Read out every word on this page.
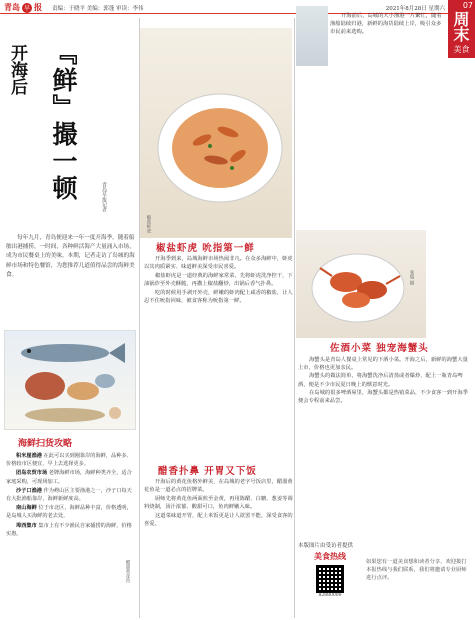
青岛 早 报 责编：于晓平 美编：郭蓬 审读：李伟	2021年8月28日 星期六 07
周末
美食
开海后 『鲜』撮一顿	青岛早报记者
每年九月，青岛便迎来一年一度开海季，随着船舶出港捕捞，一时间，各种鲜活海产大量涌入市场，成为市民餐桌上的美味。本期，记者走访了岛城的海鲜市场和特色餐馆，为您推荐几道值得品尝的海鲜美食。
海鲜扫货攻略
积米崖渔港 在此可以买到刚靠岸的海鲜，品种多、价格较市区便宜，早上去选择更多。
团岛农贸市场 老牌海鲜市场，海鲜种类齐全，适合家庭采购，可现场加工。
沙子口渔港 作为崂山区主要渔港之一，沙子口每天有大批渔船靠岸，海鲜新鲜度高。
南山海鲜 位于市北区，海鲜品种丰富，价格透明，是岛城人买海鲜的老去处。
埠西集市 集市上有不少渔民自家捕捞的海鲜，价格实惠。
椒盐虾虎
椒盐虾虎 吮指第一鲜

开海季到来，岛城海鲜市场热闹非凡。在众多海鲜中，虾虎以其肉质紧实、味道鲜美深受市民喜爱。

椒盐虾虎是一道经典的海鲜家常菜，先将虾虎洗净控干，下油锅炸至外壳酥脆，再撒上椒盐翻炒，出锅后香气扑鼻。

吃的时候用手剥开外壳，鲜嫩的虾肉配上咸香的椒盐，让人忍不住吮指回味，被食客称为吮指第一鲜。

醋香扑鼻 开胃又下饭

开海后的黄花鱼格外鲜美，在岛城的老字号饭店里，醋溜黄花鱼是一道必点的招牌菜。

厨师先将黄花鱼两面煎至金黄，再用陈醋、白糖、葱姜等调料烧制，汤汁浓郁、酸甜可口，鱼肉鲜嫩入味。

这道菜味道开胃，配上米饭更是让人欲罢不能，深受食客的喜爱。

醋溜黄花鱼
开海前后，岛城的大小渔港一片繁忙，随着渔船陆续归港，新鲜的海货陆续上岸，吸引众多市民前来选购。
张瑞 摄
佐酒小菜 独宠海蟹头

海蟹头是青岛人餐桌上常见的下酒小菜。开海之后，新鲜的海蟹大量上市，价格也更加亲民。

海蟹头的做法简单，将海蟹洗净后清蒸或者爆炒，配上一瓶青岛啤酒，便是不少市民夏日晚上的惬意时光。

在岛城的很多啤酒屋里，海蟹头都是热销菜品，不少食客一到开海季便会专程前来品尝。

本版图片由受访者提供
美食热线
82880000
如果您有一道美食想和读者分享，欢迎拨打本报热线与我们联系，我们将邀请专业厨师进行点评。
